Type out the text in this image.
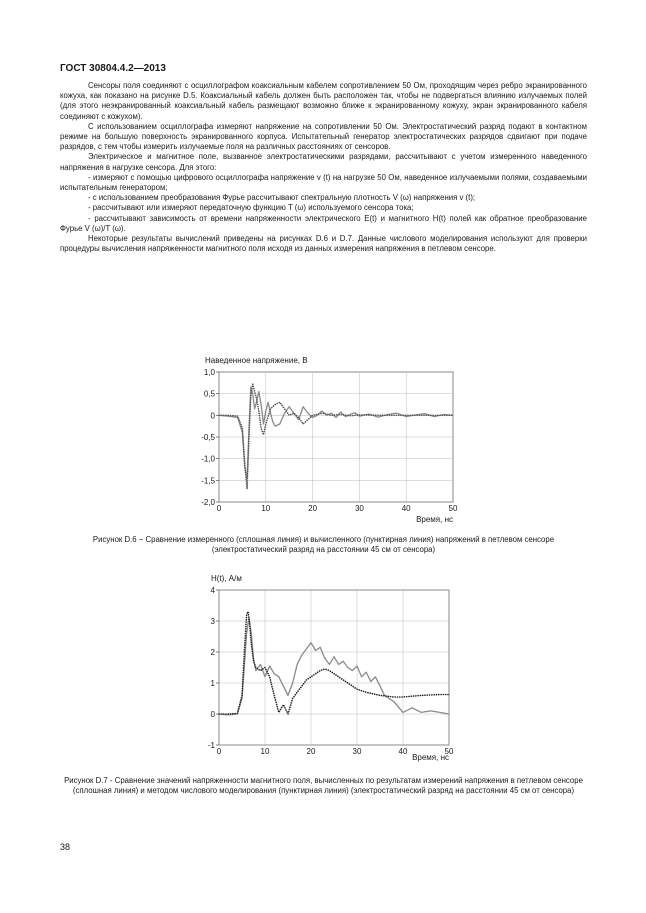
ГОСТ 30804.4.2—2013

Сенсоры поля соединяют с осциллографом коаксиальным кабелем сопротивлением 50 Ом, проходящим через ребро экранированного кожуха, как показано на рисунке D.5. Коаксиальный кабель должен быть расположен так, чтобы не подвергаться влиянию излучаемых полей (для этого неэкранированный коаксиальный кабель размещают возможно ближе к экранированному кожуху, экран экранированного кабеля соединяют с кожухом).

С использованием осциллографа измеряют напряжение на сопротивлении 50 Ом. Электростатический разряд подают в контактном режиме на большую поверхность экранированного корпуса. Испытательный генератор электростатических разрядов сдвигают при подаче разрядов, с тем чтобы измерить излучаемые поля на различных расстояниях от сенсоров.

Электрическое и магнитное поле, вызванное электростатическими разрядами, рассчитывают с учетом измеренного наведенного напряжения в нагрузке сенсора. Для этого:

- измеряют с помощью цифрового осциллографа напряжение v (t) на нагрузке 50 Ом, наведенное излучаемыми полями, создаваемыми испытательным генератором;

- с использованием преобразования Фурье рассчитывают спектральную плотность V (ω) напряжения v (t);

- рассчитывают или измеряют передаточную функцию T (ω) используемого сенсора тока;

- рассчитывают зависимость от времени напряженности электрического E(t) и магнитного H(t) полей как обратное преобразование Фурье V (ω)/T (ω).

Некоторые результаты вычислений приведены на рисунках D.6 и D.7. Данные числового моделирования используют для проверки процедуры вычисления напряженности магнитного поля исходя из данных измерения напряжения в петлевом сенсоре.

0	10	20	30	40	50
1,0
0,5
0
-0,5
-1,0
-1,5
-2,0
Наведенное напряжение, В
Время, нс
Рисунок D.6 − Сравнение измеренного (сплошная линия) и вычисленного (пунктирная линия) напряжений в петлевом сенсоре (электростатический разряд на расстоянии 45 см от сенсора)
0	10	20	30	40	50
4
3
2
1
0
-1
H(t), А/м
Время, нс
Рисунок D.7 - Сравнение значений напряженности магнитного поля, вычисленных по результатам измерений напряжения в петлевом сенсоре (сплошная линия) и методом числового моделирования (пунктирная линия) (электростатический разряд на расстоянии 45 см от сенсора)
38
